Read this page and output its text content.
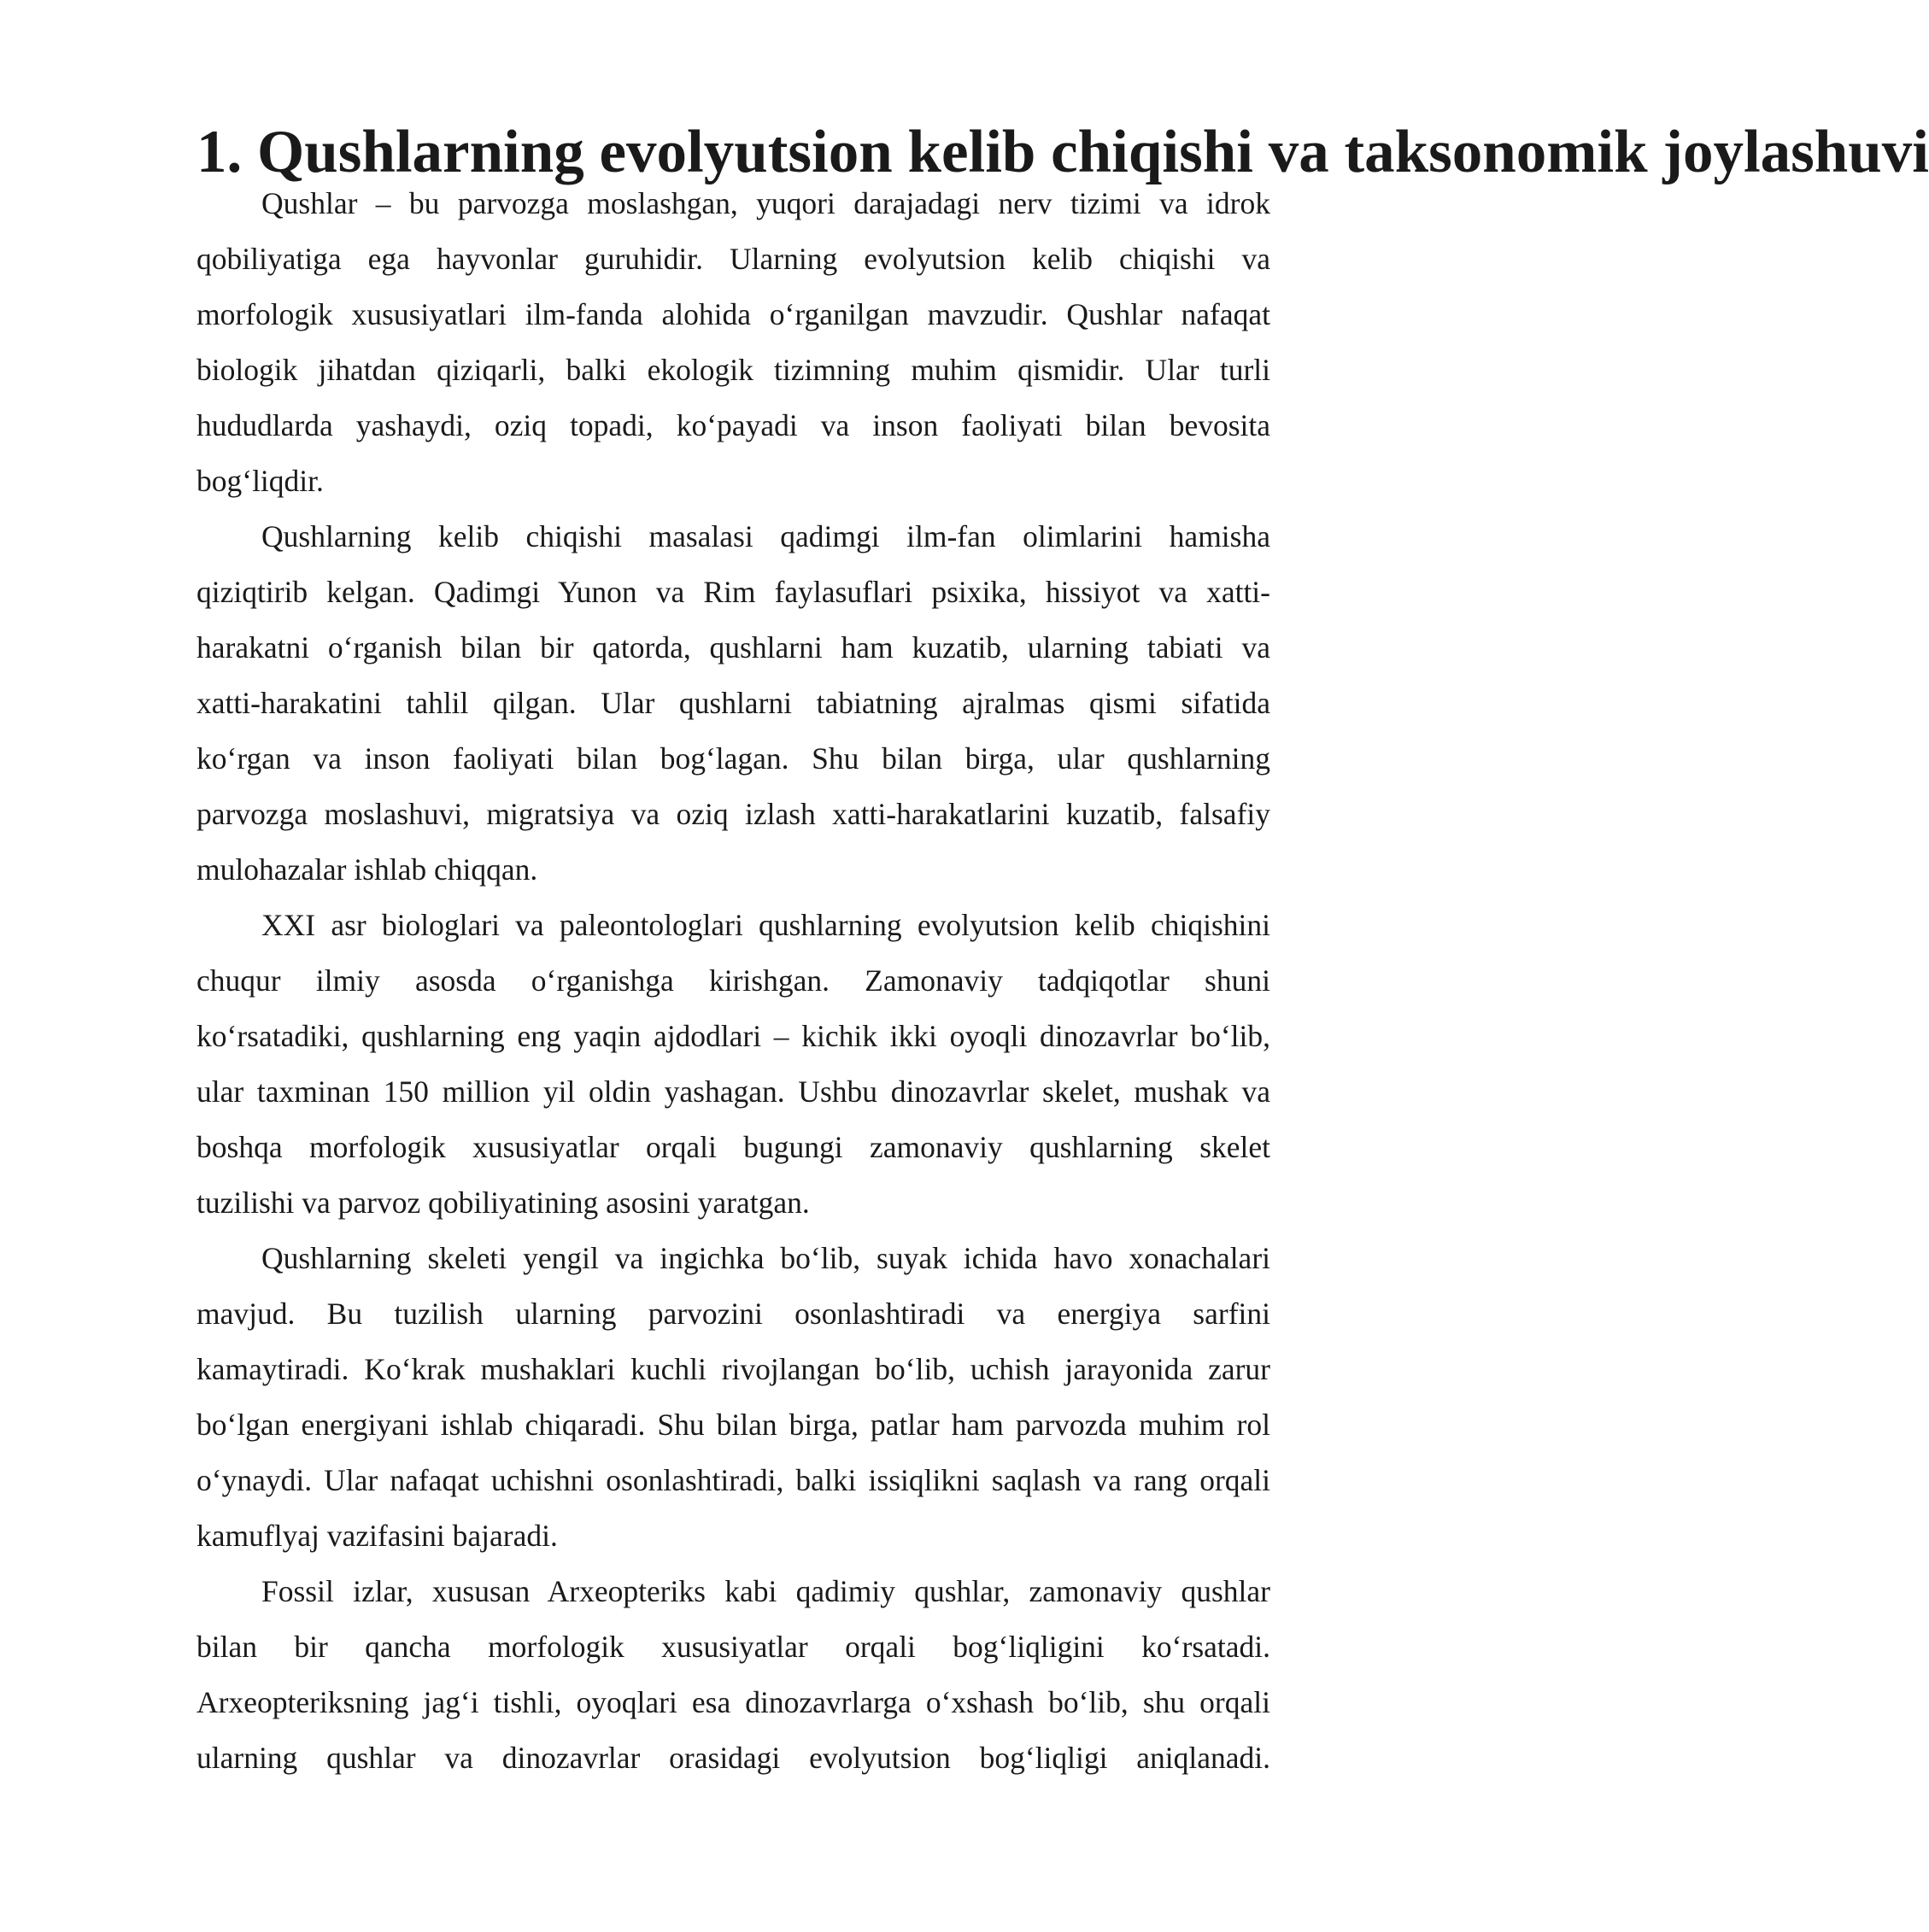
1. Qushlarning evolyutsion kelib chiqishi va taksonomik joylashuvi
Qushlar – bu parvozga moslashgan, yuqori darajadagi nerv tizimi va idrok
qobiliyatiga ega hayvonlar guruhidir. Ularning evolyutsion kelib chiqishi va
morfologik xususiyatlari ilm-fanda alohida oʻrganilgan mavzudir. Qushlar nafaqat
biologik jihatdan qiziqarli, balki ekologik tizimning muhim qismidir. Ular turli
hududlarda yashaydi, oziq topadi, koʻpayadi va inson faoliyati bilan bevosita
bogʻliqdir.
Qushlarning kelib chiqishi masalasi qadimgi ilm-fan olimlarini hamisha
qiziqtirib kelgan. Qadimgi Yunon va Rim faylasuflari psixika, hissiyot va xatti-
harakatni oʻrganish bilan bir qatorda, qushlarni ham kuzatib, ularning tabiati va
xatti-harakatini tahlil qilgan. Ular qushlarni tabiatning ajralmas qismi sifatida
koʻrgan va inson faoliyati bilan bogʻlagan. Shu bilan birga, ular qushlarning
parvozga moslashuvi, migratsiya va oziq izlash xatti-harakatlarini kuzatib, falsafiy
mulohazalar ishlab chiqqan.
XXI asr biologlari va paleontologlari qushlarning evolyutsion kelib chiqishini
chuqur ilmiy asosda oʻrganishga kirishgan. Zamonaviy tadqiqotlar shuni
koʻrsatadiki, qushlarning eng yaqin ajdodlari – kichik ikki oyoqli dinozavrlar boʻlib,
ular taxminan 150 million yil oldin yashagan. Ushbu dinozavrlar skelet, mushak va
boshqa morfologik xususiyatlar orqali bugungi zamonaviy qushlarning skelet
tuzilishi va parvoz qobiliyatining asosini yaratgan.
Qushlarning skeleti yengil va ingichka boʻlib, suyak ichida havo xonachalari
mavjud. Bu tuzilish ularning parvozini osonlashtiradi va energiya sarfini
kamaytiradi. Koʻkrak mushaklari kuchli rivojlangan boʻlib, uchish jarayonida zarur
boʻlgan energiyani ishlab chiqaradi. Shu bilan birga, patlar ham parvozda muhim rol
oʻynaydi. Ular nafaqat uchishni osonlashtiradi, balki issiqlikni saqlash va rang orqali
kamuflyaj vazifasini bajaradi.
Fossil izlar, xususan Arxeopteriks kabi qadimiy qushlar, zamonaviy qushlar
bilan bir qancha morfologik xususiyatlar orqali bogʻliqligini koʻrsatadi.
Arxeopteriksning jagʻi tishli, oyoqlari esa dinozavrlarga oʻxshash boʻlib, shu orqali
ularning qushlar va dinozavrlar orasidagi evolyutsion bogʻliqligi aniqlanadi.
